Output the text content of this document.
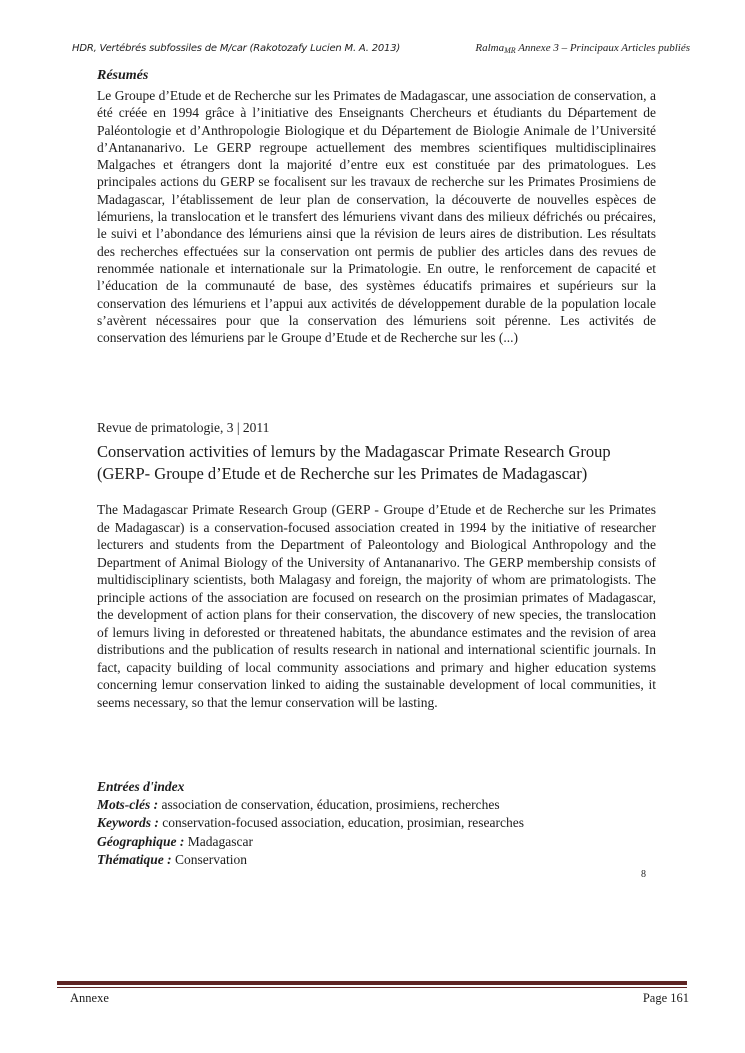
HDR, Vertébrés subfossiles de M/car (Rakotozafy Lucien M. A. 2013)	Ralma$_{MR}$ Annexe 3 – Principaux Articles publiés
Résumés

Le Groupe d’Etude et de Recherche sur les Primates de Madagascar, une association de conservation, a été créée en 1994 grâce à l’initiative des Enseignants Chercheurs et étudiants du Département de Paléontologie et d’Anthropologie Biologique et du Département de Biologie Animale de l’Université d’Antananarivo. Le GERP regroupe actuellement des membres scientifiques multidisciplinaires Malgaches et étrangers dont la majorité d’entre eux est constituée par des primatologues. Les principales actions du GERP se focalisent sur les travaux de recherche sur les Primates Prosimiens de Madagascar, l’établissement de leur plan de conservation, la découverte de nouvelles espèces de lémuriens, la translocation et le transfert des lémuriens vivant dans des milieux défrichés ou précaires, le suivi et l’abondance des lémuriens ainsi que la révision de leurs aires de distribution. Les résultats des recherches effectuées sur la conservation ont permis de publier des articles dans des revues de renommée nationale et internationale sur la Primatologie. En outre, le renforcement de capacité et l’éducation de la communauté de base, des systèmes éducatifs primaires et supérieurs sur la conservation des lémuriens et l’appui aux activités de développement durable de la population locale s’avèrent nécessaires pour que la conservation des lémuriens soit pérenne. Les activités de conservation des lémuriens par le Groupe d’Etude et de Recherche sur les (...)

Revue de primatologie, 3 | 2011
Conservation activities of lemurs by the Madagascar Primate Research Group (GERP- Groupe d’Etude et de Recherche sur les Primates de Madagascar)

The Madagascar Primate Research Group (GERP - Groupe d’Etude et de Recherche sur les Primates de Madagascar) is a conservation-focused association created in 1994 by the initiative of researcher lecturers and students from the Department of Paleontology and Biological Anthropology and the Department of Animal Biology of the University of Antananarivo. The GERP membership consists of multidisciplinary scientists, both Malagasy and foreign, the majority of whom are primatologists. The principle actions of the association are focused on research on the prosimian primates of Madagascar, the development of action plans for their conservation, the discovery of new species, the translocation of lemurs living in deforested or threatened habitats, the abundance estimates and the revision of area distributions and the publication of results research in national and international scientific journals. In fact, capacity building of local community associations and primary and higher education systems concerning lemur conservation linked to aiding the sustainable development of local communities, it seems necessary, so that the lemur conservation will be lasting.

Entrées d'index
Mots-clés : association de conservation, éducation, prosimiens, recherches
Keywords : conservation-focused association, education, prosimian, researches
Géographique : Madagascar
Thématique : Conservation
8
Annexe	Page 161
